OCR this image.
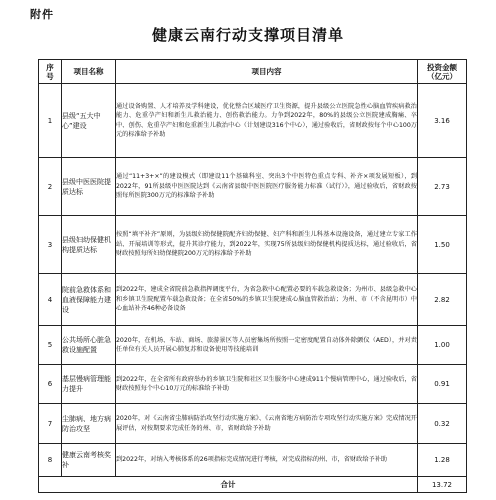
附件
健康云南行动支撑项目清单
序
号	项目名称	项目内容	投资金额
（亿元）

1	县级“五大中心”建设	通过设备购置、人才培养及学科建设，优化整合区域医疗卫生资源，提升县级公立医院急性心脑血管疾病救治能力、危重孕产妇和新生儿救治能力、创伤救治能力。力争到2022年，80%的县级公立医院建成胸痛、卒中、创伤、危重孕产妇和危重新生儿救治中心（计划建设316个中心），通过验收后，省财政按每个中心100万元的标准给予补助	3.16
2	县级中医医院提质达标	通过“11+3+×”的建设模式（即建设11个基础科室、突出3个中医特色重点专科、补齐×项发展短板），到2022年，91所县级中医医院达到《云南省县级中医医院医疗服务能力标准（试行）》，通过验收后，省财政按照每所医院300万元的标准给予补助	2.73
3	县级妇幼保健机构提质达标	按照“填平补齐”原则，为县级妇幼保健院配齐妇幼保健、妇产科和新生儿科基本设施设备，通过建立专家工作站、开展培训等形式，提升其诊疗能力，到2022年，实现75所县级妇幼保健机构提质达标，通过验收后，省财政按照每所妇幼保健院200万元的标准给予补助	1.50
4	院前急救体系和血液保障能力建设	到2022年，建成全省院前急救指挥调度平台，为省急救中心配置必要的车载急救设备；为州市、县级急救中心和乡镇卫生院配置车载急救设备；在全省50%的乡镇卫生院建成心脑血管救治站；为州、市（不含昆明市）中心血站补齐46种必备设备	2.82
5	公共场所心脏急救设施配置	2020年，在机场、车站、商场、旅游景区等人员密集场所按照一定密度配置自动体外除颤仪（AED），并对责任单位有关人员开展心肺复苏和设备使用等技能培训	1.00
6	基层慢病管理能力提升	到2022年，在全省所有政府举办的乡镇卫生院和社区卫生服务中心建成911个慢病管理中心，通过验收后，省财政按照每个中心10万元的标准给予补助	0.91
7	尘肺病、地方病防治攻坚	2020年，对《云南省尘肺病防治攻坚行动实施方案》、《云南省地方病防治专项攻坚行动实施方案》完成情况开展评估，对按期要求完成任务的州、市，省财政给予补助	0.32
8	健康云南考核奖补	到2022年，对纳入考核体系的26项指标完成情况进行考核，对完成指标的州、市，省财政给予补助	1.28
合计			13.72
